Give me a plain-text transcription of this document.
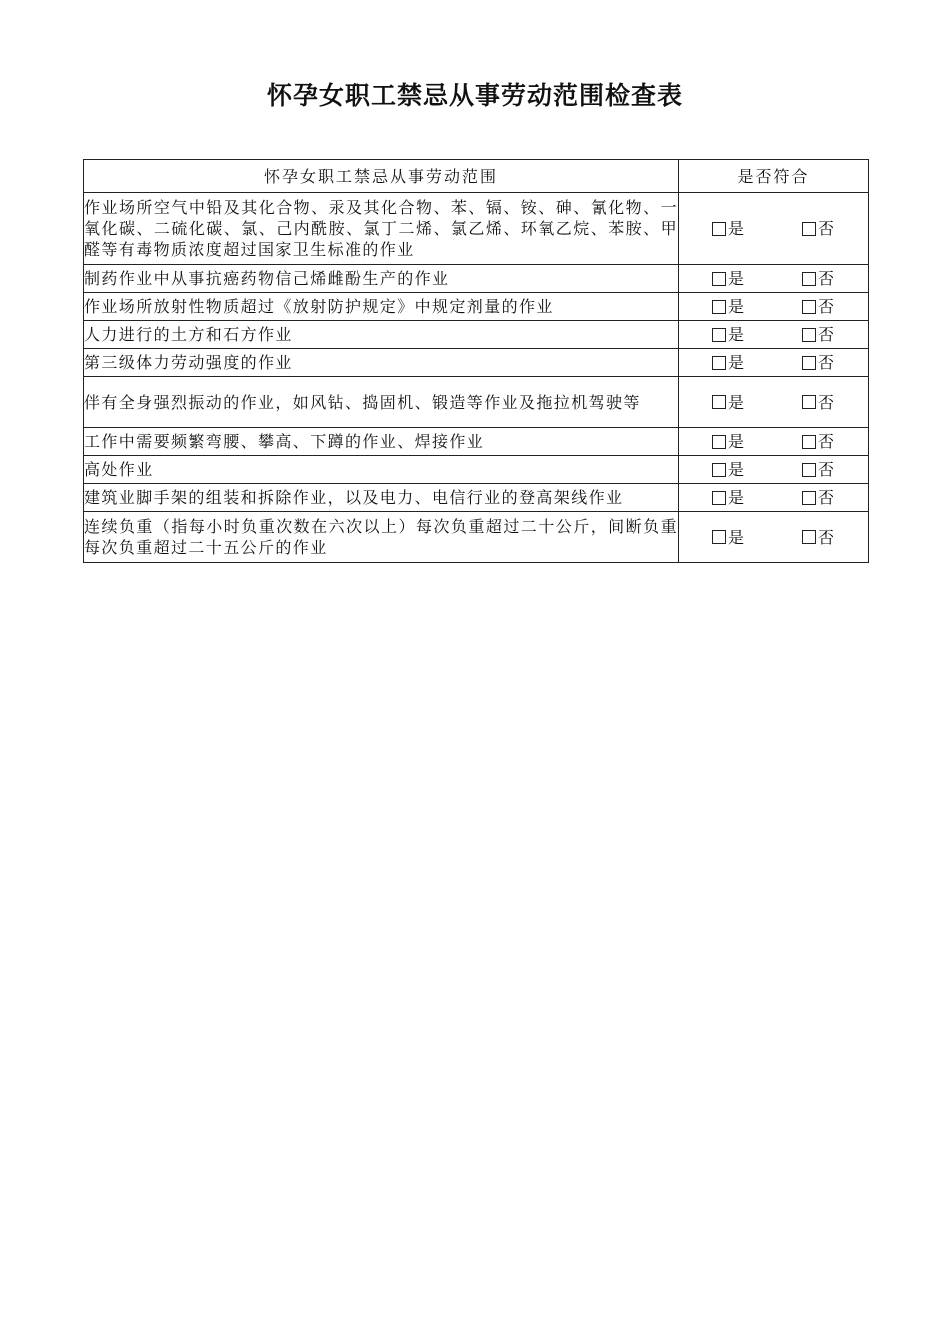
怀孕女职工禁忌从事劳动范围检查表
怀孕女职工禁忌从事劳动范围	是否符合
作业场所空气中铅及其化合物、汞及其化合物、苯、镉、铵、砷、氰化物、一氧化碳、二硫化碳、氯、己内酰胺、氯丁二烯、氯乙烯、环氧乙烷、苯胺、甲醛等有毒物质浓度超过国家卫生标准的作业	是 否

制药作业中从事抗癌药物信己烯雌酚生产的作业	是 否

作业场所放射性物质超过《放射防护规定》中规定剂量的作业	是 否

人力进行的土方和石方作业	是 否

第三级体力劳动强度的作业	是 否

伴有全身强烈振动的作业，如风钻、捣固机、锻造等作业及拖拉机驾驶等	是 否

工作中需要频繁弯腰、攀高、下蹲的作业、焊接作业	是 否

高处作业	是 否

建筑业脚手架的组装和拆除作业，以及电力、电信行业的登高架线作业	是 否

连续负重（指每小时负重次数在六次以上）每次负重超过二十公斤，间断负重每次负重超过二十五公斤的作业	是 否
